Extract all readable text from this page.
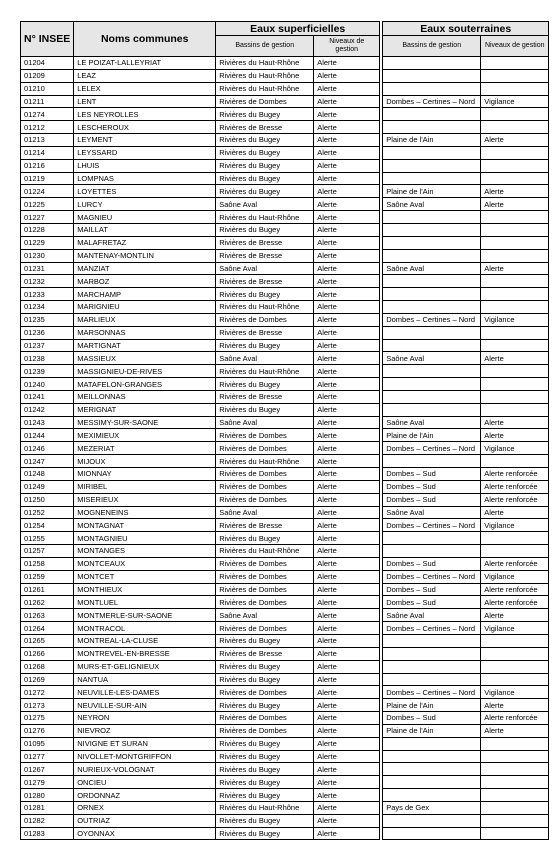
N° INSEE	Noms communes	Eaux superficielles			Eaux souterraines	
		Bassins de gestion	Niveaux de gestion		Bassins de gestion	Niveaux de gestion
01204	LE POIZAT-LALLEYRIAT	Rivières du Haut-Rhône	Alerte			
01209	LEAZ	Rivières du Haut-Rhône	Alerte			
01210	LELEX	Rivières du Haut-Rhône	Alerte			
01211	LENT	Rivières de Dombes	Alerte		Dombes – Certines – Nord	Vigilance
01274	LES NEYROLLES	Rivières du Bugey	Alerte			
01212	LESCHEROUX	Rivières de Bresse	Alerte			
01213	LEYMENT	Rivières du Bugey	Alerte		Plaine de l'Ain	Alerte
01214	LEYSSARD	Rivières du Bugey	Alerte			
01216	LHUIS	Rivières du Bugey	Alerte			
01219	LOMPNAS	Rivières du Bugey	Alerte			
01224	LOYETTES	Rivières du Bugey	Alerte		Plaine de l'Ain	Alerte
01225	LURCY	Saône Aval	Alerte		Saône Aval	Alerte
01227	MAGNIEU	Rivières du Haut-Rhône	Alerte			
01228	MAILLAT	Rivières du Bugey	Alerte			
01229	MALAFRETAZ	Rivières de Bresse	Alerte			
01230	MANTENAY-MONTLIN	Rivières de Bresse	Alerte			
01231	MANZIAT	Saône Aval	Alerte		Saône Aval	Alerte
01232	MARBOZ	Rivières de Bresse	Alerte			
01233	MARCHAMP	Rivières du Bugey	Alerte			
01234	MARIGNIEU	Rivières du Haut-Rhône	Alerte			
01235	MARLIEUX	Rivières de Dombes	Alerte		Dombes – Certines – Nord	Vigilance
01236	MARSONNAS	Rivières de Bresse	Alerte			
01237	MARTIGNAT	Rivières du Bugey	Alerte			
01238	MASSIEUX	Saône Aval	Alerte		Saône Aval	Alerte
01239	MASSIGNIEU-DE-RIVES	Rivières du Haut-Rhône	Alerte			
01240	MATAFELON-GRANGES	Rivières du Bugey	Alerte			
01241	MEILLONNAS	Rivières de Bresse	Alerte			
01242	MERIGNAT	Rivières du Bugey	Alerte			
01243	MESSIMY-SUR-SAONE	Saône Aval	Alerte		Saône Aval	Alerte
01244	MEXIMIEUX	Rivières de Dombes	Alerte		Plaine de l'Ain	Alerte
01246	MEZERIAT	Rivières de Dombes	Alerte		Dombes – Certines – Nord	Vigilance
01247	MIJOUX	Rivières du Haut-Rhône	Alerte			
01248	MIONNAY	Rivières de Dombes	Alerte		Dombes – Sud	Alerte renforcée
01249	MIRIBEL	Rivières de Dombes	Alerte		Dombes – Sud	Alerte renforcée
01250	MISERIEUX	Rivières de Dombes	Alerte		Dombes – Sud	Alerte renforcée
01252	MOGNENEINS	Saône Aval	Alerte		Saône Aval	Alerte
01254	MONTAGNAT	Rivières de Bresse	Alerte		Dombes – Certines – Nord	Vigilance
01255	MONTAGNIEU	Rivières du Bugey	Alerte			
01257	MONTANGES	Rivières du Haut-Rhône	Alerte			
01258	MONTCEAUX	Rivières de Dombes	Alerte		Dombes – Sud	Alerte renforcée
01259	MONTCET	Rivières de Dombes	Alerte		Dombes – Certines – Nord	Vigilance
01261	MONTHIEUX	Rivières de Dombes	Alerte		Dombes – Sud	Alerte renforcée
01262	MONTLUEL	Rivières de Dombes	Alerte		Dombes – Sud	Alerte renforcée
01263	MONTMERLE-SUR-SAONE	Saône Aval	Alerte		Saône Aval	Alerte
01264	MONTRACOL	Rivières de Dombes	Alerte		Dombes – Certines – Nord	Vigilance
01265	MONTREAL-LA-CLUSE	Rivières du Bugey	Alerte			
01266	MONTREVEL-EN-BRESSE	Rivières de Bresse	Alerte			
01268	MURS-ET-GELIGNIEUX	Rivières du Bugey	Alerte			
01269	NANTUA	Rivières du Bugey	Alerte			
01272	NEUVILLE-LES-DAMES	Rivières de Dombes	Alerte		Dombes – Certines – Nord	Vigilance
01273	NEUVILLE-SUR-AIN	Rivières du Bugey	Alerte		Plaine de l'Ain	Alerte
01275	NEYRON	Rivières de Dombes	Alerte		Dombes – Sud	Alerte renforcée
01276	NIEVROZ	Rivières de Dombes	Alerte		Plaine de l'Ain	Alerte
01095	NIVIGNE ET SURAN	Rivières du Bugey	Alerte			
01277	NIVOLLET-MONTGRIFFON	Rivières du Bugey	Alerte			
01267	NURIEUX-VOLOGNAT	Rivières du Bugey	Alerte			
01279	ONCIEU	Rivières du Bugey	Alerte			
01280	ORDONNAZ	Rivières du Bugey	Alerte			
01281	ORNEX	Rivières du Haut-Rhône	Alerte		Pays de Gex	
01282	OUTRIAZ	Rivières du Bugey	Alerte			
01283	OYONNAX	Rivières du Bugey	Alerte			
